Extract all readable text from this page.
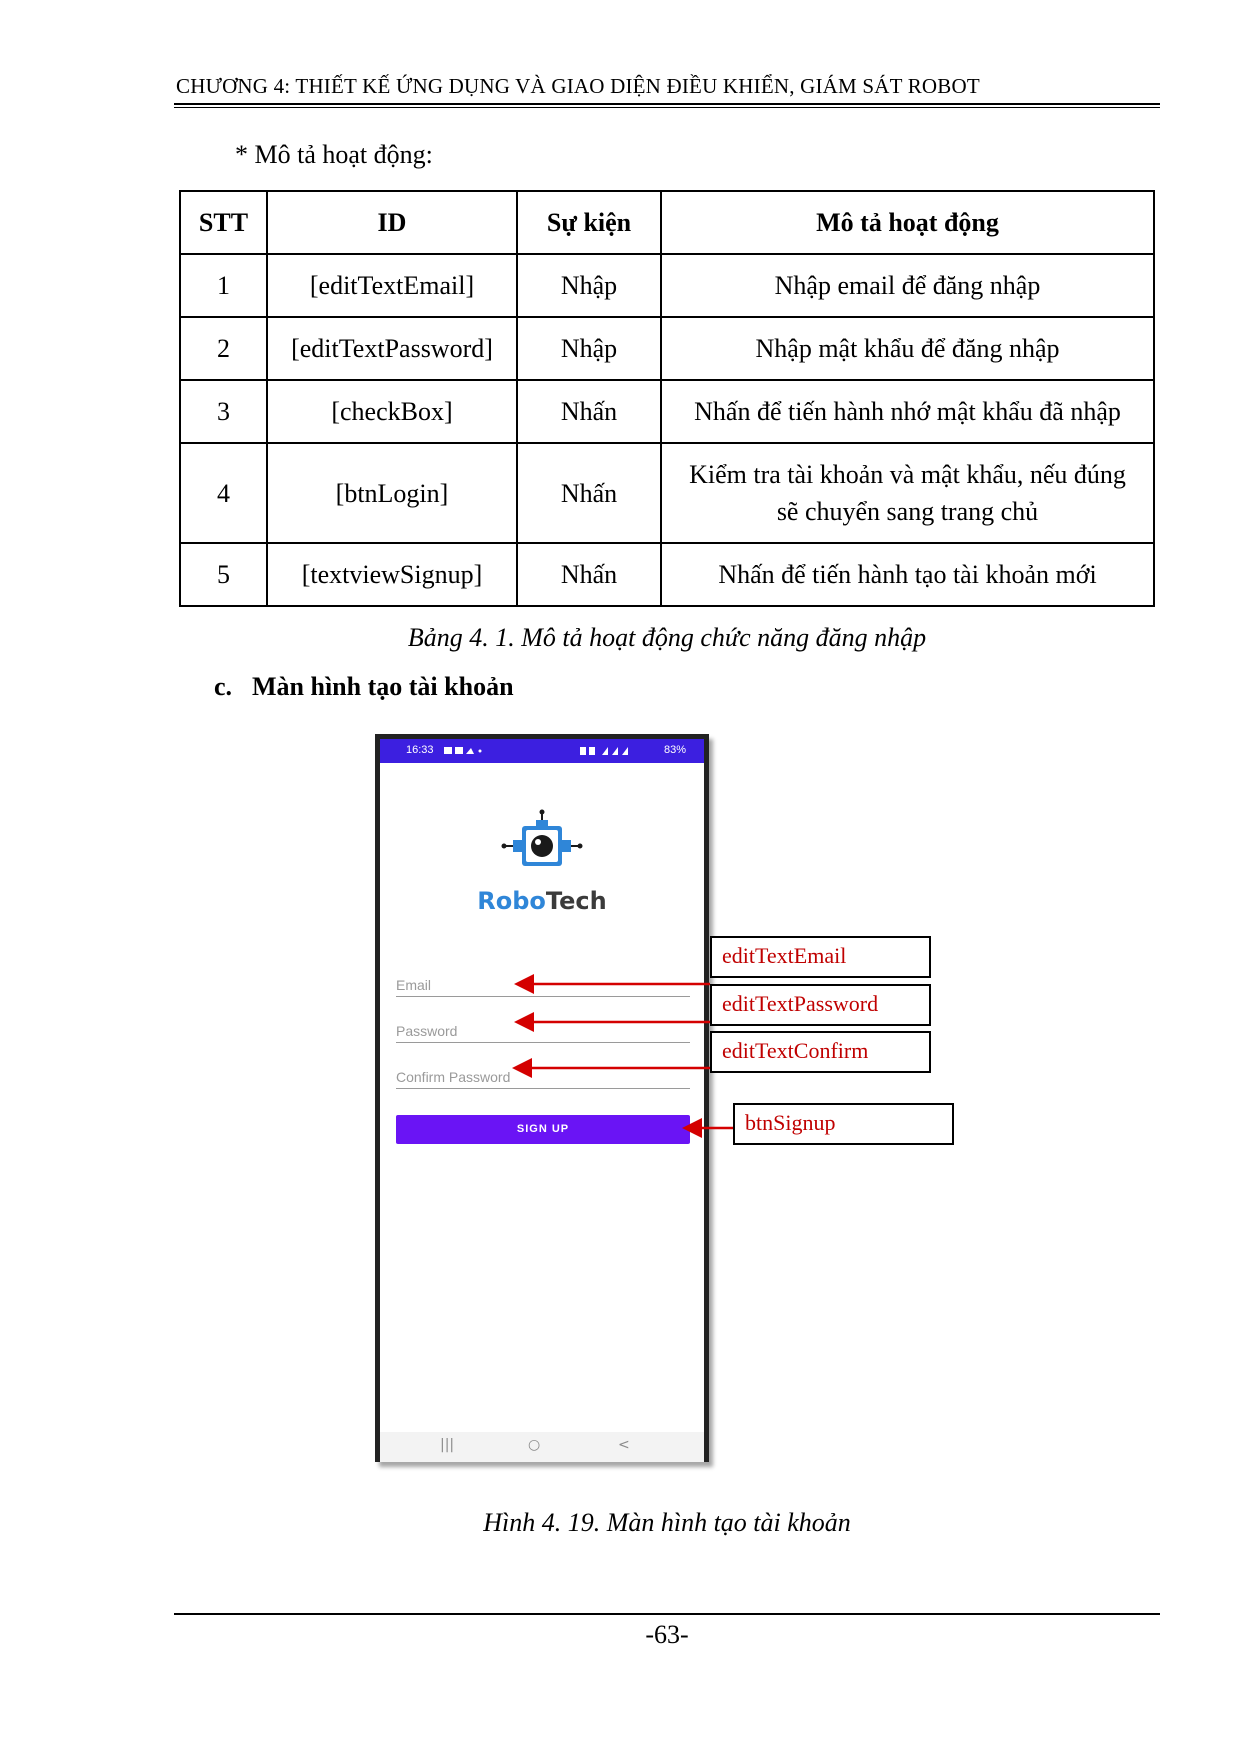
CHƯƠNG 4: THIẾT KẾ ỨNG DỤNG VÀ GIAO DIỆN ĐIỀU KHIỂN, GIÁM SÁT ROBOT
* Mô tả hoạt động:
STT	ID	Sự kiện	Mô tả hoạt động
1	[editTextEmail]	Nhập	Nhập email để đăng nhập
2	[editTextPassword]	Nhập	Nhập mật khẩu để đăng nhập
3	[checkBox]	Nhấn	Nhấn để tiến hành nhớ mật khẩu đã nhập
4	[btnLogin]	Nhấn	Kiểm tra tài khoản và mật khẩu, nếu đúng
sẽ chuyển sang trang chủ

5	[textviewSignup]	Nhấn	Nhấn để tiến hành tạo tài khoản mới
Bảng 4. 1. Mô tả hoạt động chức năng đăng nhập
c. Màn hình tạo tài khoản
16:33	83%
RoboTech
Email
Password
Confirm Password
SIGN UP
|||	○	<
editTextEmail
editTextPassword
editTextConfirm
btnSignup
Hình 4. 19. Màn hình tạo tài khoản
-63-
